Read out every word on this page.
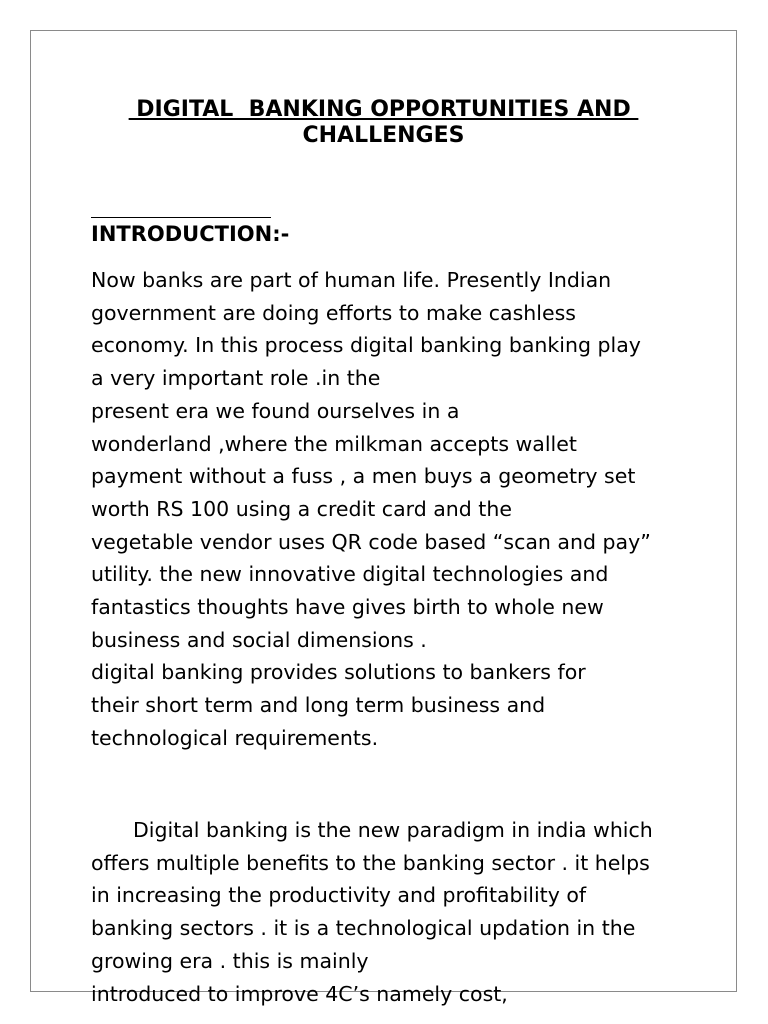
DIGITAL  BANKING OPPORTUNITIES AND
CHALLENGES
INTRODUCTION:-
Now banks are part of human life. Presently Indian
government are doing efforts to make cashless
economy. In this process digital banking banking play
a very important role .in the
present era we found ourselves in a
wonderland ,where the milkman accepts wallet
payment without a fuss , a men buys a geometry set
worth RS 100 using a credit card and the
vegetable vendor uses QR code based “scan and pay”
utility. the new innovative digital technologies and
fantastics thoughts have gives birth to whole new
business and social dimensions .
digital banking provides solutions to bankers for
their short term and long term business and
technological requirements.
Digital banking is the new paradigm in india which
offers multiple benefits to the banking sector . it helps
in increasing the productivity and profitability of
banking sectors . it is a technological updation in the
growing era . this is mainly
introduced to improve 4C’s namely cost,
